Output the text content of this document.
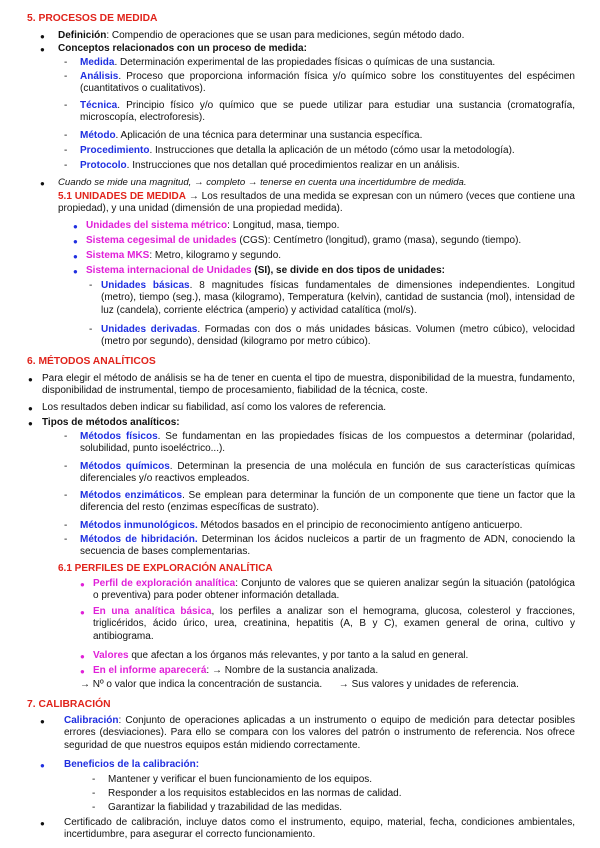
5. PROCESOS DE MEDIDA
● Definición: Compendio de operaciones que se usan para mediciones, según método dado.
● Conceptos relacionados con un proceso de medida:
- Medida. Determinación experimental de las propiedades físicas o químicas de una sustancia.
- Análisis. Proceso que proporciona información física y/o químico sobre los constituyentes del espécimen (cuantitativos o cualitativos).
- Técnica. Principio físico y/o químico que se puede utilizar para estudiar una sustancia (cromatografía, microscopía, electroforesis).
- Método. Aplicación de una técnica para determinar una sustancia específica.
- Procedimiento. Instrucciones que detalla la aplicación de un método (cómo usar la metodología).
- Protocolo. Instrucciones que nos detallan qué procedimientos realizar en un análisis.
● Cuando se mide una magnitud, → completo → tenerse en cuenta una incertidumbre de medida.
5.1 UNIDADES DE MEDIDA → Los resultados de una medida se expresan con un número (veces que contiene una propiedad), y una unidad (dimensión de una propiedad medida).
● Unidades del sistema métrico: Longitud, masa, tiempo.
● Sistema cegesimal de unidades (CGS): Centímetro (longitud), gramo (masa), segundo (tiempo).
● Sistema MKS: Metro, kilogramo y segundo.
● Sistema internacional de Unidades (SI), se divide en dos tipos de unidades:
- Unidades básicas. 8 magnitudes físicas fundamentales de dimensiones independientes. Longitud (metro), tiempo (seg.), masa (kilogramo), Temperatura (kelvin), cantidad de sustancia (mol), intensidad de luz (candela), corriente eléctrica (amperio) y actividad catalítica (mol/s).
- Unidades derivadas. Formadas con dos o más unidades básicas. Volumen (metro cúbico), velocidad (metro por segundo), densidad (kilogramo por metro cúbico).
6. MÉTODOS ANALÍTICOS
● Para elegir el método de análisis se ha de tener en cuenta el tipo de muestra, disponibilidad de la muestra, fundamento, disponibilidad de instrumental, tiempo de procesamiento, fiabilidad de la técnica, coste.
● Los resultados deben indicar su fiabilidad, así como los valores de referencia.
● Tipos de métodos analíticos:
- Métodos físicos. Se fundamentan en las propiedades físicas de los compuestos a determinar (polaridad, solubilidad, punto isoeléctrico...).
- Métodos químicos. Determinan la presencia de una molécula en función de sus características químicas diferenciales y/o reactivos empleados.
- Métodos enzimáticos. Se emplean para determinar la función de un componente que tiene un factor que la diferencia del resto (enzimas específicas de sustrato).
- Métodos inmunológicos. Métodos basados en el principio de reconocimiento antígeno anticuerpo.
- Métodos de hibridación. Determinan los ácidos nucleicos a partir de un fragmento de ADN, conociendo la secuencia de bases complementarias.
6.1 PERFILES DE EXPLORACIÓN ANALÍTICA
● Perfil de exploración analítica: Conjunto de valores que se quieren analizar según la situación (patológica o preventiva) para poder obtener información detallada.
● En una analítica básica, los perfiles a analizar son el hemograma, glucosa, colesterol y fracciones, triglicéridos, ácido úrico, urea, creatinina, hepatitis (A, B y C), examen general de orina, cultivo y antibiograma.
● Valores que afectan a los órganos más relevantes, y por tanto a la salud en general.
● En el informe aparecerá: → Nombre de la sustancia analizada.
→ Nº o valor que indica la concentración de sustancia.      → Sus valores y unidades de referencia.
7. CALIBRACIÓN
● Calibración: Conjunto de operaciones aplicadas a un instrumento o equipo de medición para detectar posibles errores (desviaciones). Para ello se compara con los valores del patrón o instrumento de referencia. Nos ofrece seguridad de que nuestros equipos están midiendo correctamente.
● Beneficios de la calibración:
- Mantener y verificar el buen funcionamiento de los equipos.
- Responder a los requisitos establecidos en las normas de calidad.
- Garantizar la fiabilidad y trazabilidad de las medidas.
● Certificado de calibración, incluye datos como el instrumento, equipo, material, fecha, condiciones ambientales, incertidumbre, para asegurar el correcto funcionamiento.
